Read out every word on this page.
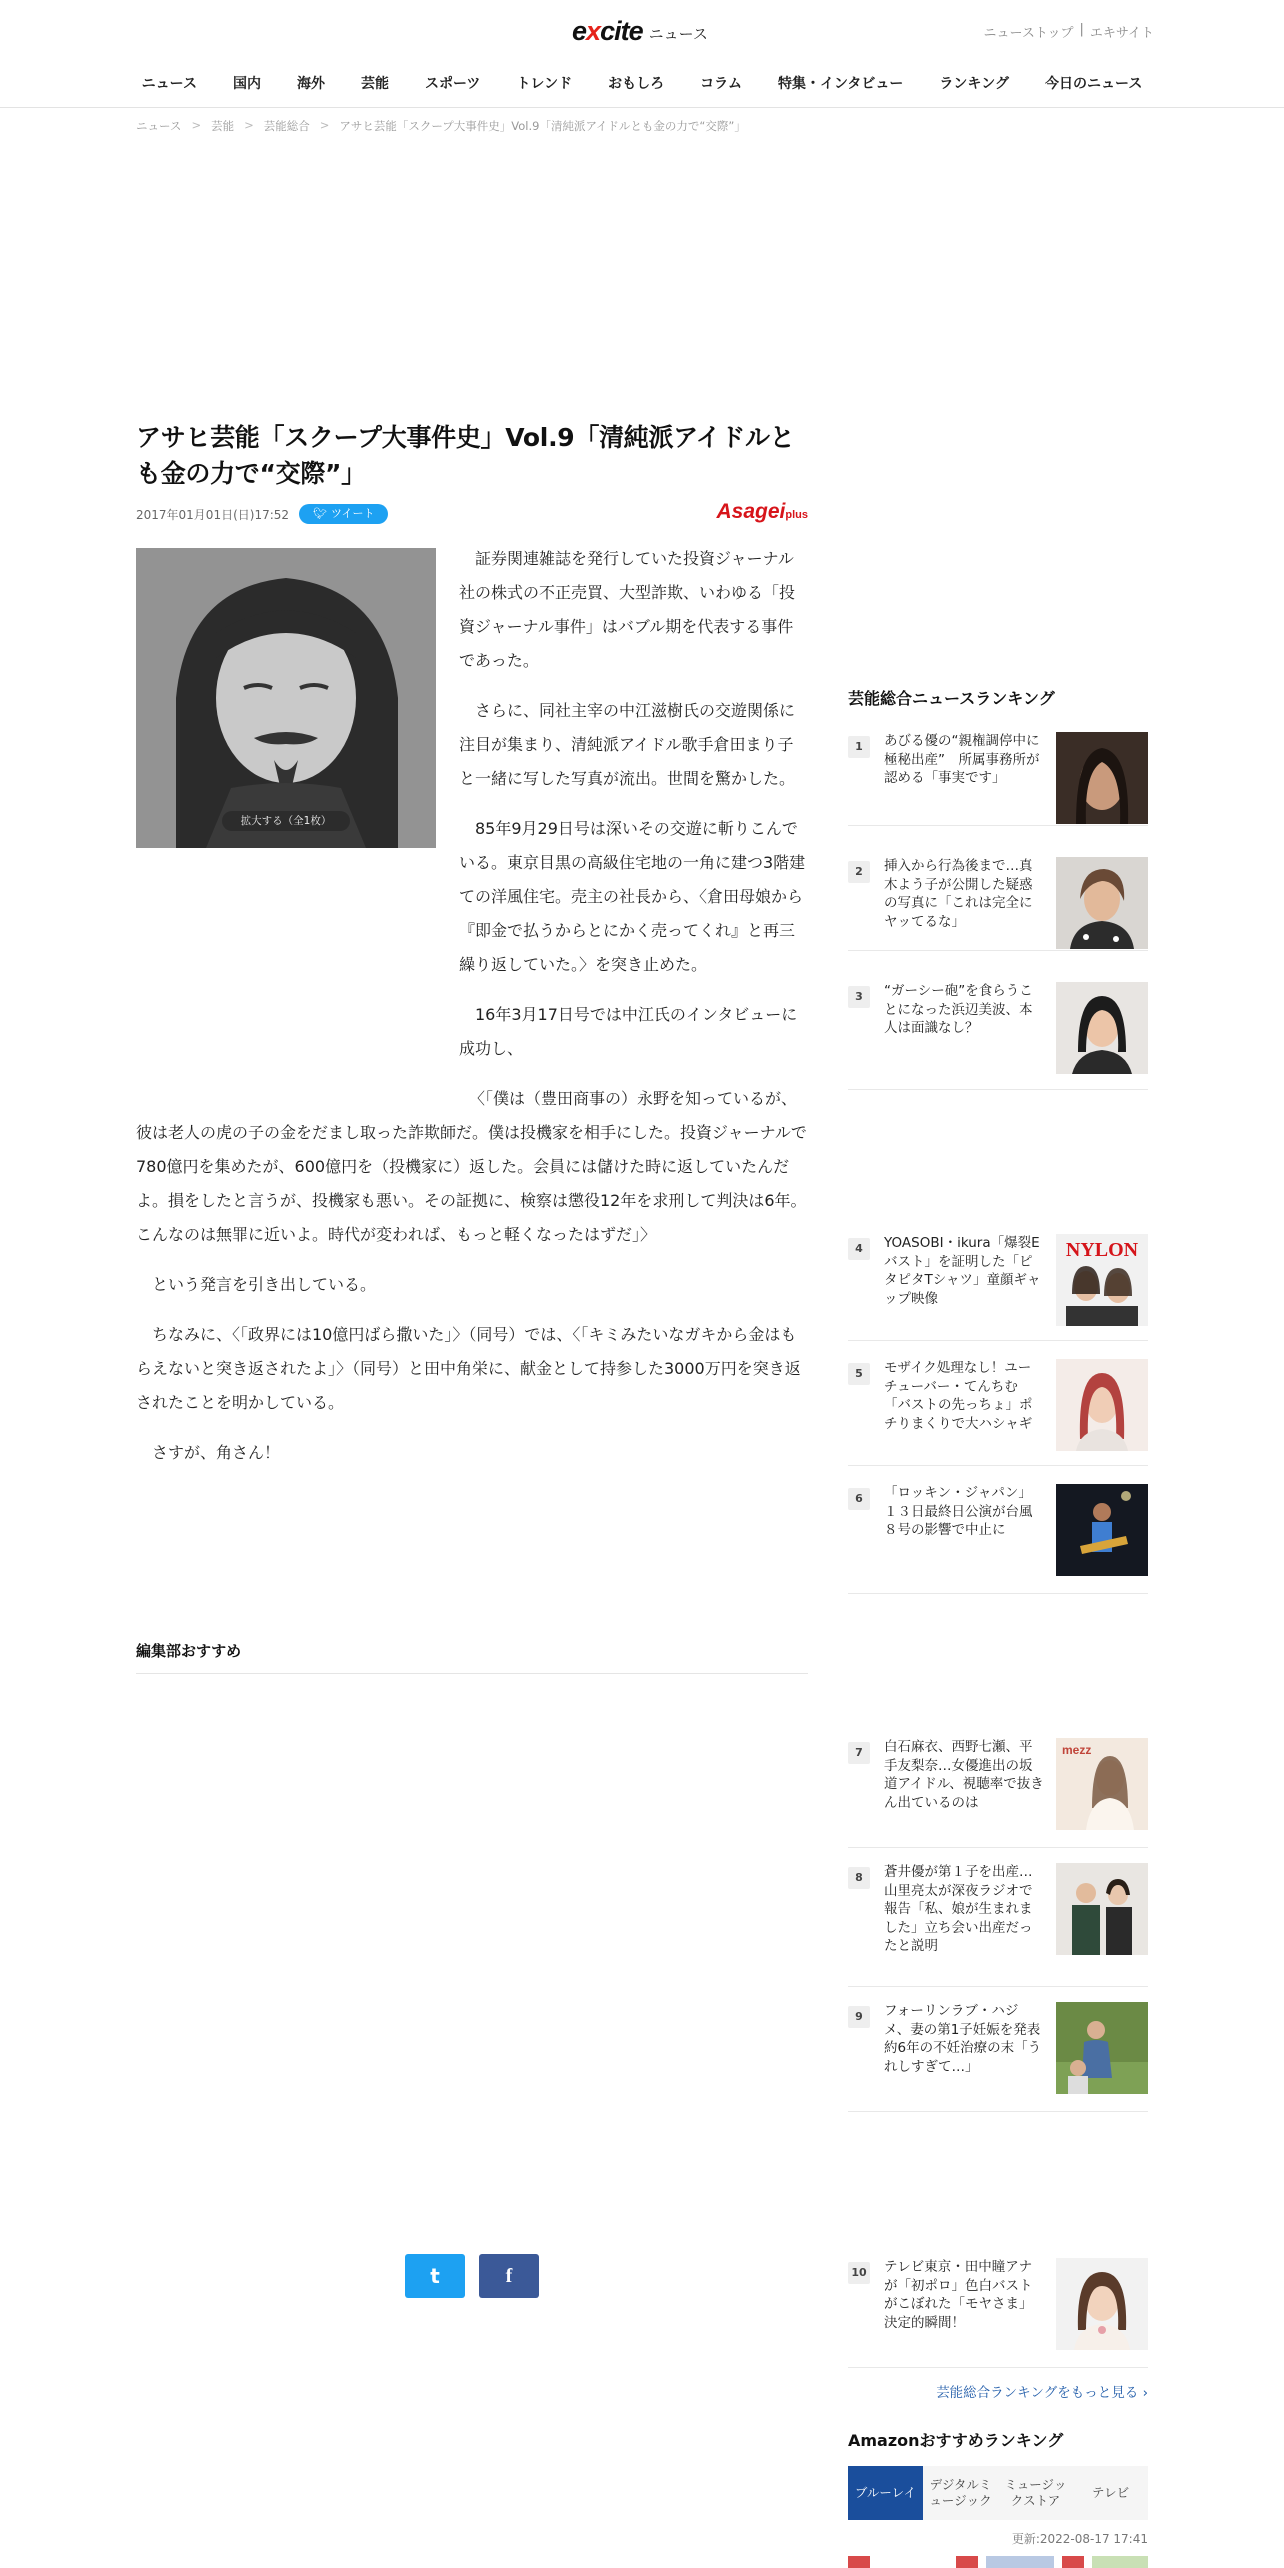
excite ニュース	ニューストップ | エキサイト
ニュース	国内	海外	芸能	スポーツ	トレンド	おもしろ	コラム	特集・インタビュー	ランキング	今日のニュース
ニュース > 芸能 > 芸能総合 > アサヒ芸能「スクープ大事件史」Vol.9「清純派アイドルとも金の力で“交際”」
アサヒ芸能「スクープ大事件史」Vol.9「清純派アイドルとも金の力で“交際”」
2017年01月01日(日)17:52 🐦︎ ツイート	Asageiplus
拡大する（全1枚）

証券関連雑誌を発行していた投資ジャーナル社の株式の不正売買、大型詐欺、いわゆる「投資ジャーナル事件」はバブル期を代表する事件であった。

さらに、同社主宰の中江滋樹氏の交遊関係に注目が集まり、清純派アイドル歌手倉田まり子と一緒に写した写真が流出。世間を驚かした。

85年9月29日号は深いその交遊に斬りこんでいる。東京目黒の高級住宅地の一角に建つ3階建ての洋風住宅。売主の社長から、〈倉田母娘から『即金で払うからとにかく売ってくれ』と再三繰り返していた。〉を突き止めた。

16年3月17日号では中江氏のインタビューに成功し、

〈「僕は（豊田商事の）永野を知っているが、彼は老人の虎の子の金をだまし取った詐欺師だ。僕は投機家を相手にした。投資ジャーナルで780億円を集めたが、600億円を（投機家に）返した。会員には儲けた時に返していたんだよ。損をしたと言うが、投機家も悪い。その証拠に、検察は懲役12年を求刑して判決は6年。こんなのは無罪に近いよ。時代が変われば、もっと軽くなったはずだ」〉

という発言を引き出している。

ちなみに、〈「政界には10億円ばら撒いた」〉（同号）では、〈「キミみたいなガキから金はもらえないと突き返されたよ」〉（同号）と田中角栄に、献金として持参した3000万円を突き返されたことを明かしている。

さすが、角さん！

編集部おすすめ
t	f
芸能総合ニュースランキング
1	あびる優の“親権調停中に極秘出産”　所属事務所が認める「事実です」
2	挿入から行為後まで…真木よう子が公開した疑惑の写真に「これは完全にヤッてるな」
3	“ガーシー砲”を食らうことになった浜辺美波、本人は面識なし？
4	YOASOBI・ikura「爆裂Eバスト」を証明した「ピタピタTシャツ」童顔ギャップ映像
NYLON
5	モザイク処理なし！ユーチューバー・てんちむ「バストの先っちょ」ポチりまくりで大ハシャギ
6	「ロッキン・ジャパン」１３日最終日公演が台風８号の影響で中止に
7	白石麻衣、西野七瀬、平手友梨奈…女優進出の坂道アイドル、視聴率で抜きん出ているのは
mezz
8	蒼井優が第１子を出産…山里亮太が深夜ラジオで報告「私、娘が生まれました」立ち会い出産だったと説明
9	フォーリンラブ・ハジメ、妻の第1子妊娠を発表　約6年の不妊治療の末「うれしすぎて…」
10 テレビ東京・田中瞳アナが「初ポロ」色白バストがこぼれた「モヤさま」決定的瞬間！
芸能総合ランキングをもっと見る ›
Amazonおすすめランキング
ブルーレイ
デジタルミュージック
ミュージックストア
テレビ
更新:2022-08-17 17:41
